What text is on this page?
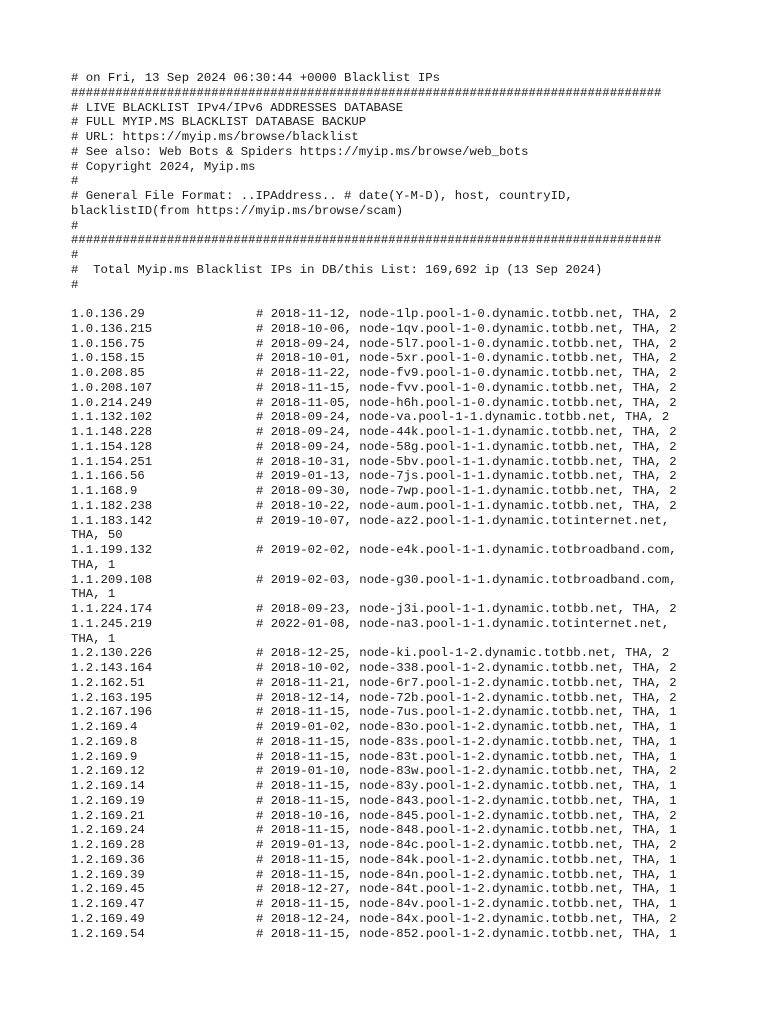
# on Fri, 13 Sep 2024 06:30:44 +0000 Blacklist IPs
################################################################################
# LIVE BLACKLIST IPv4/IPv6 ADDRESSES DATABASE
# FULL MYIP.MS BLACKLIST DATABASE BACKUP
# URL: https://myip.ms/browse/blacklist
# See also: Web Bots & Spiders https://myip.ms/browse/web_bots
# Copyright 2024, Myip.ms
#
# General File Format: ..IPAddress.. # date(Y-M-D), host, countryID,
blacklistID(from https://myip.ms/browse/scam)
#
################################################################################
#
#  Total Myip.ms Blacklist IPs in DB/this List: 169,692 ip (13 Sep 2024)
#
1.0.136.29	# 2018-11-12, node-1lp.pool-1-0.dynamic.totbb.net, THA, 2
1.0.136.215	# 2018-10-06, node-1qv.pool-1-0.dynamic.totbb.net, THA, 2
1.0.156.75	# 2018-09-24, node-5l7.pool-1-0.dynamic.totbb.net, THA, 2
1.0.158.15	# 2018-10-01, node-5xr.pool-1-0.dynamic.totbb.net, THA, 2
1.0.208.85	# 2018-11-22, node-fv9.pool-1-0.dynamic.totbb.net, THA, 2
1.0.208.107	# 2018-11-15, node-fvv.pool-1-0.dynamic.totbb.net, THA, 2
1.0.214.249	# 2018-11-05, node-h6h.pool-1-0.dynamic.totbb.net, THA, 2
1.1.132.102	# 2018-09-24, node-va.pool-1-1.dynamic.totbb.net, THA, 2
1.1.148.228	# 2018-09-24, node-44k.pool-1-1.dynamic.totbb.net, THA, 2
1.1.154.128	# 2018-09-24, node-58g.pool-1-1.dynamic.totbb.net, THA, 2
1.1.154.251	# 2018-10-31, node-5bv.pool-1-1.dynamic.totbb.net, THA, 2
1.1.166.56	# 2019-01-13, node-7js.pool-1-1.dynamic.totbb.net, THA, 2
1.1.168.9	# 2018-09-30, node-7wp.pool-1-1.dynamic.totbb.net, THA, 2
1.1.182.238	# 2018-10-22, node-aum.pool-1-1.dynamic.totbb.net, THA, 2
1.1.183.142	# 2019-10-07, node-az2.pool-1-1.dynamic.totinternet.net,
THA, 50
1.1.199.132	# 2019-02-02, node-e4k.pool-1-1.dynamic.totbroadband.com,
THA, 1
1.1.209.108	# 2019-02-03, node-g30.pool-1-1.dynamic.totbroadband.com,
THA, 1
1.1.224.174	# 2018-09-23, node-j3i.pool-1-1.dynamic.totbb.net, THA, 2
1.1.245.219	# 2022-01-08, node-na3.pool-1-1.dynamic.totinternet.net,
THA, 1
1.2.130.226	# 2018-12-25, node-ki.pool-1-2.dynamic.totbb.net, THA, 2
1.2.143.164	# 2018-10-02, node-338.pool-1-2.dynamic.totbb.net, THA, 2
1.2.162.51	# 2018-11-21, node-6r7.pool-1-2.dynamic.totbb.net, THA, 2
1.2.163.195	# 2018-12-14, node-72b.pool-1-2.dynamic.totbb.net, THA, 2
1.2.167.196	# 2018-11-15, node-7us.pool-1-2.dynamic.totbb.net, THA, 1
1.2.169.4	# 2019-01-02, node-83o.pool-1-2.dynamic.totbb.net, THA, 1
1.2.169.8	# 2018-11-15, node-83s.pool-1-2.dynamic.totbb.net, THA, 1
1.2.169.9	# 2018-11-15, node-83t.pool-1-2.dynamic.totbb.net, THA, 1
1.2.169.12	# 2019-01-10, node-83w.pool-1-2.dynamic.totbb.net, THA, 2
1.2.169.14	# 2018-11-15, node-83y.pool-1-2.dynamic.totbb.net, THA, 1
1.2.169.19	# 2018-11-15, node-843.pool-1-2.dynamic.totbb.net, THA, 1
1.2.169.21	# 2018-10-16, node-845.pool-1-2.dynamic.totbb.net, THA, 2
1.2.169.24	# 2018-11-15, node-848.pool-1-2.dynamic.totbb.net, THA, 1
1.2.169.28	# 2019-01-13, node-84c.pool-1-2.dynamic.totbb.net, THA, 2
1.2.169.36	# 2018-11-15, node-84k.pool-1-2.dynamic.totbb.net, THA, 1
1.2.169.39	# 2018-11-15, node-84n.pool-1-2.dynamic.totbb.net, THA, 1
1.2.169.45	# 2018-12-27, node-84t.pool-1-2.dynamic.totbb.net, THA, 1
1.2.169.47	# 2018-11-15, node-84v.pool-1-2.dynamic.totbb.net, THA, 1
1.2.169.49	# 2018-12-24, node-84x.pool-1-2.dynamic.totbb.net, THA, 2
1.2.169.54	# 2018-11-15, node-852.pool-1-2.dynamic.totbb.net, THA, 1
